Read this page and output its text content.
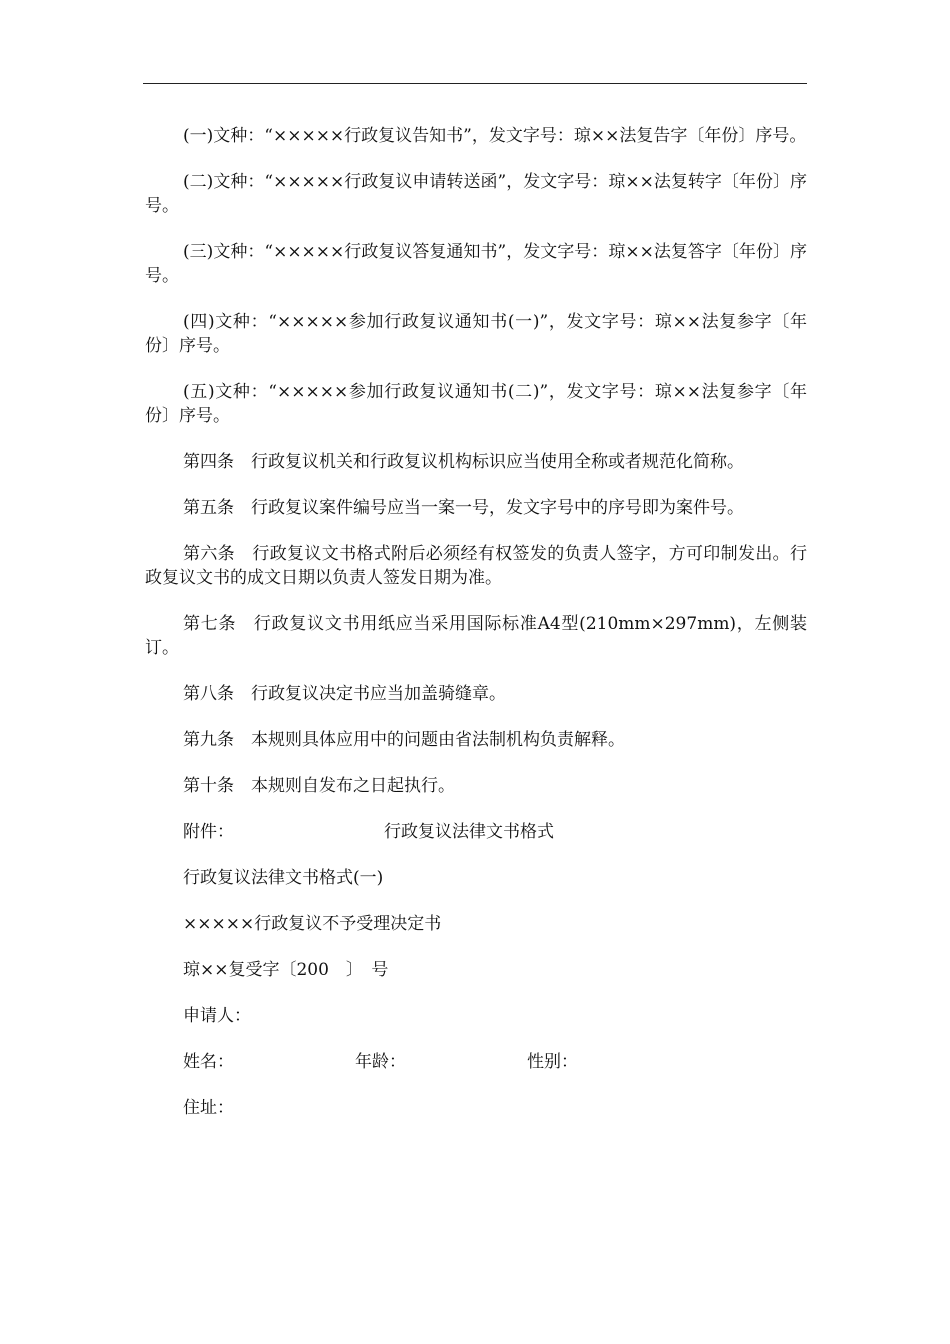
(一)文种：“×××××行政复议告知书”，发文字号：琼××法复告字〔年份〕序号。

(二)文种：“×××××行政复议申请转送函”，发文字号：琼××法复转字〔年份〕序号。

(三)文种：“×××××行政复议答复通知书”，发文字号：琼××法复答字〔年份〕序号。

(四)文种：“×××××参加行政复议通知书(一)”，发文字号：琼××法复参字〔年份〕序号。

(五)文种：“×××××参加行政复议通知书(二)”，发文字号：琼××法复参字〔年份〕序号。

第四条　行政复议机关和行政复议机构标识应当使用全称或者规范化简称。

第五条　行政复议案件编号应当一案一号，发文字号中的序号即为案件号。

第六条　行政复议文书格式附后必须经有权签发的负责人签字，方可印制发出。行政复议文书的成文日期以负责人签发日期为准。

第七条　行政复议文书用纸应当采用国际标准A4型(210mm×297mm)，左侧装订。

第八条　行政复议决定书应当加盖骑缝章。

第九条　本规则具体应用中的问题由省法制机构负责解释。

第十条　本规则自发布之日起执行。

附件：	行政复议法律文书格式

行政复议法律文书格式(一)

×××××行政复议不予受理决定书

琼××复受字〔200　〕　号

申请人：

姓名：	年龄：	性别：

住址：
